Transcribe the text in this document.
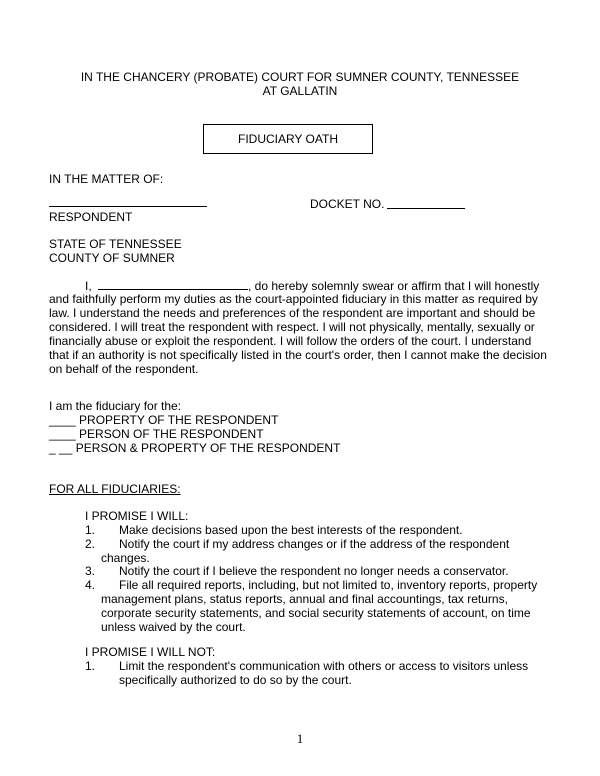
IN THE CHANCERY (PROBATE) COURT FOR SUMNER COUNTY, TENNESSEE
AT GALLATIN
FIDUCIARY OATH
IN THE MATTER OF:
RESPONDENT
DOCKET NO.
STATE OF TENNESSEE
COUNTY OF SUMNER
I,	, do hereby solemnly swear or affirm that I will honestly
and faithfully perform my duties as the court-appointed fiduciary in this matter as required by
law. I understand the needs and preferences of the respondent are important and should be
considered. I will treat the respondent with respect. I will not physically, mentally, sexually or
financially abuse or exploit the respondent. I will follow the orders of the court. I understand
that if an authority is not specifically listed in the court's order, then I cannot make the decision
on behalf of the respondent.
I am the fiduciary for the:
____ PROPERTY OF THE RESPONDENT
____ PERSON OF THE RESPONDENT
_ __ PERSON & PROPERTY OF THE RESPONDENT
FOR ALL FIDUCIARIES:
I PROMISE I WILL:
1. Make decisions based upon the best interests of the respondent.
2. Notify the court if my address changes or if the address of the respondent
changes.
3. Notify the court if I believe the respondent no longer needs a conservator.
4. File all required reports, including, but not limited to, inventory reports, property
management plans, status reports, annual and final accountings, tax returns,
corporate security statements, and social security statements of account, on time
unless waived by the court.
I PROMISE I WILL NOT:
1. Limit the respondent's communication with others or access to visitors unless
specifically authorized to do so by the court.
1
